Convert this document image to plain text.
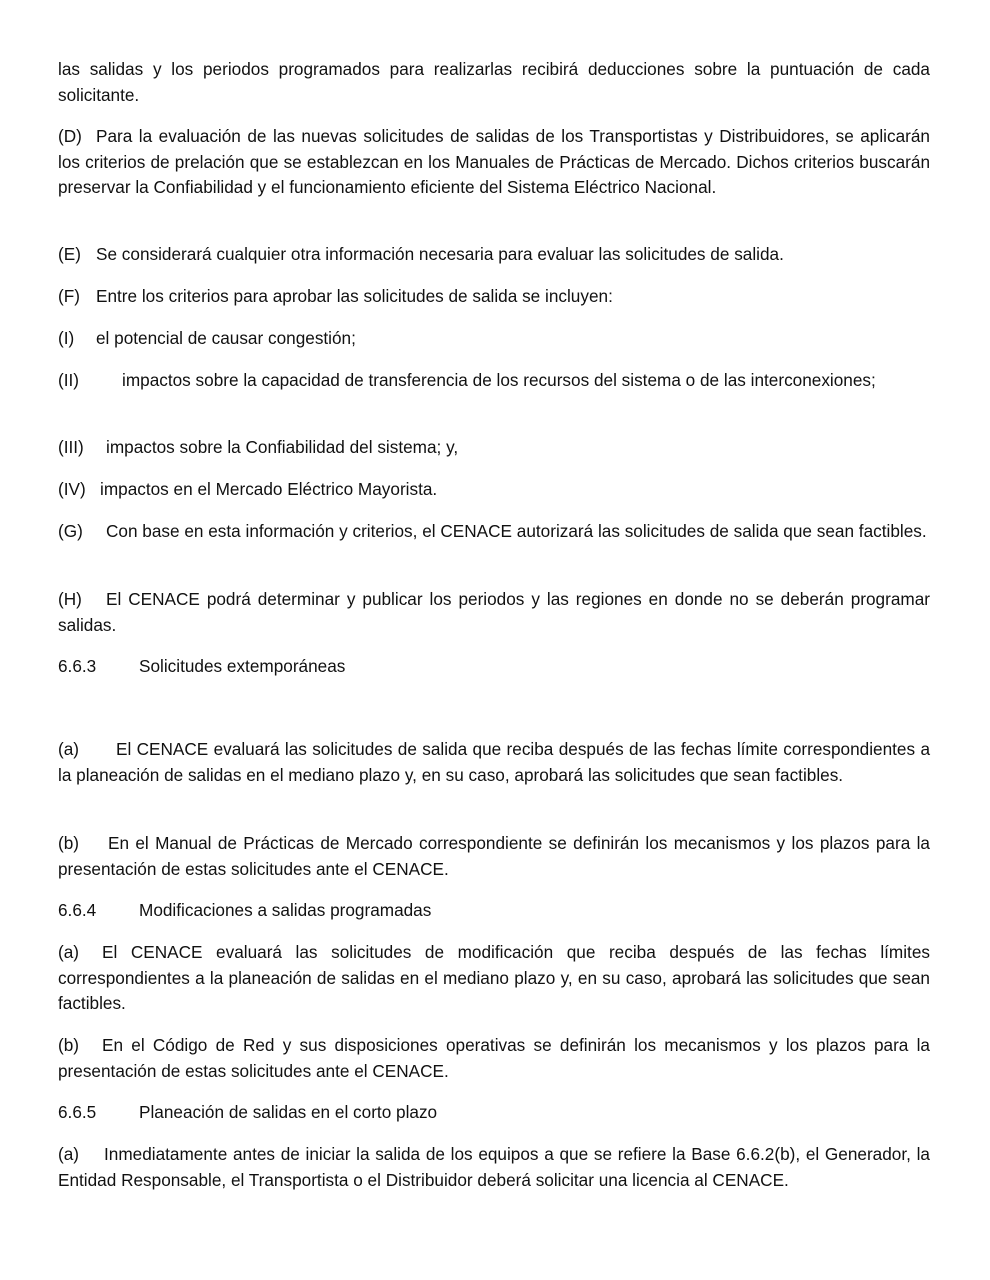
las salidas y los periodos programados para realizarlas recibirá deducciones sobre la puntuación de cada solicitante.

(D) Para la evaluación de las nuevas solicitudes de salidas de los Transportistas y Distribuidores, se aplicarán los criterios de prelación que se establezcan en los Manuales de Prácticas de Mercado. Dichos criterios buscarán preservar la Confiabilidad y el funcionamiento eficiente del Sistema Eléctrico Nacional.

(E) Se considerará cualquier otra información necesaria para evaluar las solicitudes de salida.

(F) Entre los criterios para aprobar las solicitudes de salida se incluyen:

(I) el potencial de causar congestión;

(II)	impactos sobre la capacidad de transferencia de los recursos del sistema o de las interconexiones;

(III) impactos sobre la Confiabilidad del sistema; y,

(IV) impactos en el Mercado Eléctrico Mayorista.

(G) Con base en esta información y criterios, el CENACE autorizará las solicitudes de salida que sean factibles.

(H) El CENACE podrá determinar y publicar los periodos y las regiones en donde no se deberán programar salidas.

6.6.3 Solicitudes extemporáneas

(a) El CENACE evaluará las solicitudes de salida que reciba después de las fechas límite correspondientes a la planeación de salidas en el mediano plazo y, en su caso, aprobará las solicitudes que sean factibles.

(b) En el Manual de Prácticas de Mercado correspondiente se definirán los mecanismos y los plazos para la presentación de estas solicitudes ante el CENACE.

6.6.4 Modificaciones a salidas programadas

(a) El CENACE evaluará las solicitudes de modificación que reciba después de las fechas límites correspondientes a la planeación de salidas en el mediano plazo y, en su caso, aprobará las solicitudes que sean factibles.

(b) En el Código de Red y sus disposiciones operativas se definirán los mecanismos y los plazos para la presentación de estas solicitudes ante el CENACE.

6.6.5 Planeación de salidas en el corto plazo

(a) Inmediatamente antes de iniciar la salida de los equipos a que se refiere la Base 6.6.2(b), el Generador, la Entidad Responsable, el Transportista o el Distribuidor deberá solicitar una licencia al CENACE.
